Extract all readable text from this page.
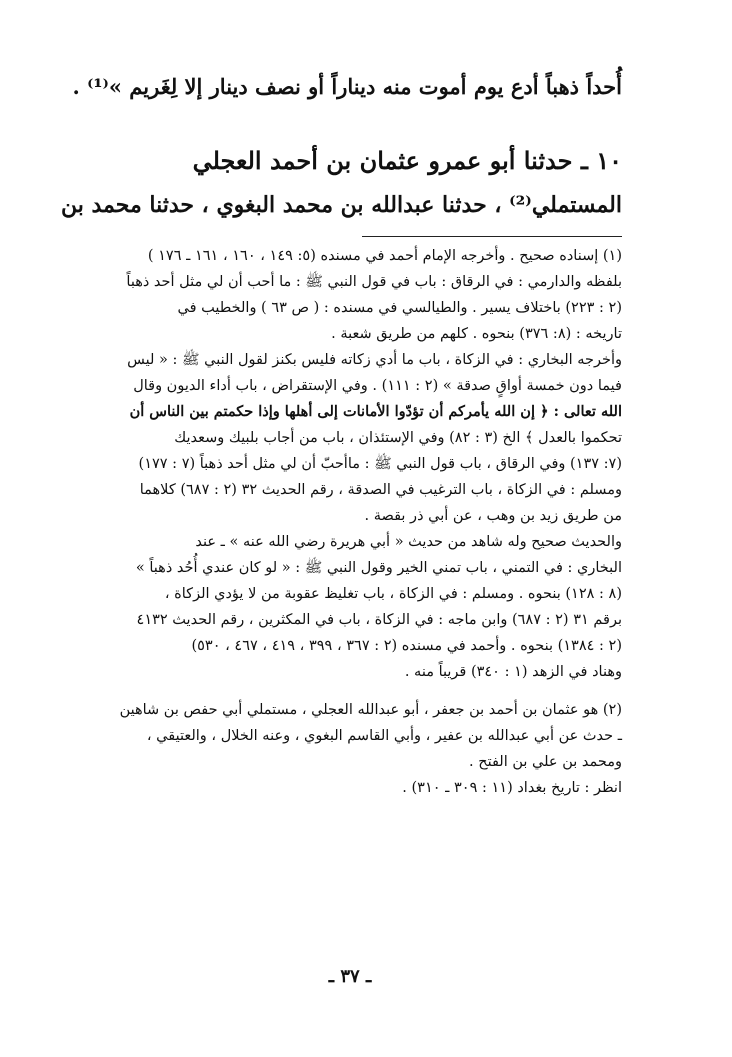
أُحداً ذهباً أدع يوم أموت منه ديناراً أو نصف دينار إلا لِغَريم »⁽¹⁾ .
١٠ ـ حدثنا أبو عمرو عثمان بن أحمد العجلي
المستملي⁽²⁾ ، حدثنا عبدالله بن محمد البغوي ، حدثنا محمد بن
(١) إسناده صحيح . وأخرجه الإمام أحمد في مسنده (٥: ١٤٩ ، ١٦٠ ، ١٦١ ـ ١٧٦ )
بلفظه والدارمي : في الرقاق : باب في قول النبي ﷺ : ما أحب أن لي مثل أحد ذهباً
(٢ : ٢٢٣) باختلاف يسير . والطيالسي في مسنده : ( ص ٦٣ ) والخطيب في
تاريخه : (٨: ٣٧٦) بنحوه . كلهم من طريق شعبة .
وأخرجه البخاري : في الزكاة ، باب ما أدي زكاته فليس بكنز لقول النبي ﷺ : « ليس
فيما دون خمسة أواقٍ صدقة » (٢ : ١١١) . وفي الإستقراض ، باب أداء الديون وقال
الله تعالى : ﴿ إن الله يأمركم أن تؤدّوا الأمانات إلى أهلها وإذا حكمتم بين الناس أن
تحكموا بالعدل ﴾ الخ (٣ : ٨٢) وفي الإستئذان ، باب من أجاب بلبيك وسعديك
(٧: ١٣٧) وفي الرقاق ، باب قول النبي ﷺ : ماأحبّ أن لي مثل أحد ذهباً (٧ : ١٧٧)
ومسلم : في الزكاة ، باب الترغيب في الصدقة ، رقم الحديث ٣٢ (٢ : ٦٨٧) كلاهما
من طريق زيد بن وهب ، عن أبي ذر بقصة .
والحديث صحيح وله شاهد من حديث « أبي هريرة رضي الله عنه » ـ عند
البخاري : في التمني ، باب تمني الخير وقول النبي ﷺ : « لو كان عندي أُحُد ذهباً »
(٨ : ١٢٨) بنحوه . ومسلم : في الزكاة ، باب تغليظ عقوبة من لا يؤدي الزكاة ،
برقم ٣١ (٢ : ٦٨٧) وابن ماجه : في الزكاة ، باب في المكثرين ، رقم الحديث ٤١٣٢
(٢ : ١٣٨٤) بنحوه . وأحمد في مسنده (٢ : ٣٦٧ ، ٣٩٩ ، ٤١٩ ، ٤٦٧ ، ٥٣٠)
وهناد في الزهد (١ : ٣٤٠) قريباً منه .
(٢) هو عثمان بن أحمد بن جعفر ، أبو عبدالله العجلي ، مستملي أبي حفص بن شاهين
ـ حدث عن أبي عبدالله بن عفير ، وأبي القاسم البغوي ، وعنه الخلال ، والعتيقي ،
ومحمد بن علي بن الفتح .
انظر : تاريخ بغداد (١١ : ٣٠٩ ـ ٣١٠) .
ـ ٣٧ ـ
